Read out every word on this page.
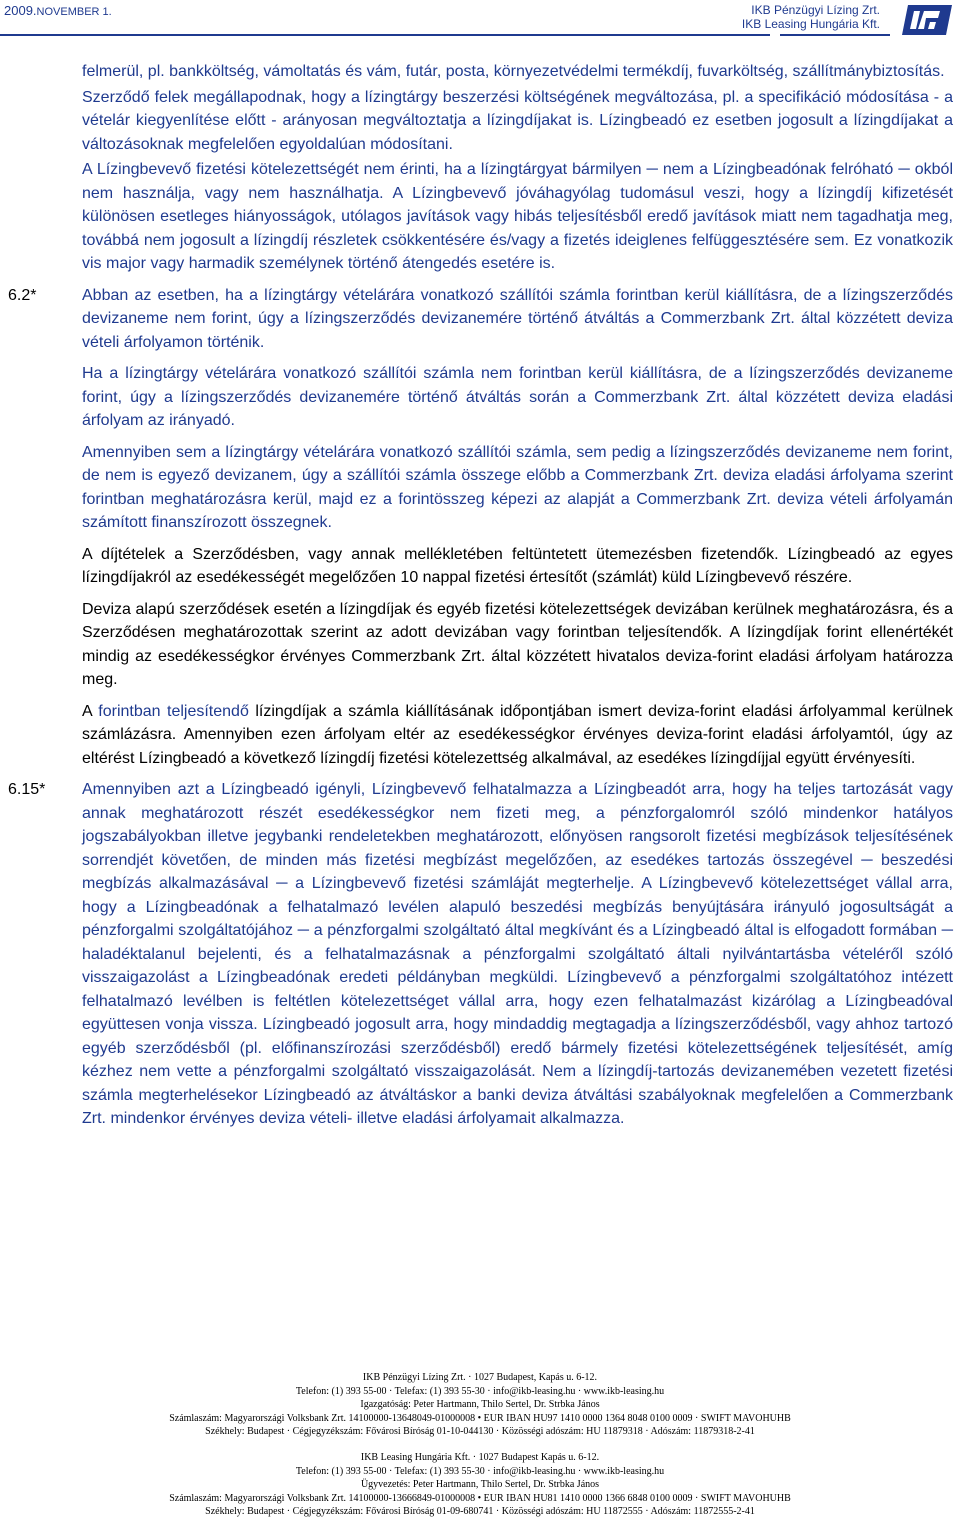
2009.NOVEMBER 1.	IKB Pénzügyi Lízing Zrt.
IKB Leasing Hungária Kft.
felmerül, pl. bankköltség, vámoltatás és vám, futár, posta, környezetvédelmi termékdíj, fuvarköltség, szállítmánybiztosítás.
Szerződő felek megállapodnak, hogy a lízingtárgy beszerzési költségének megváltozása, pl. a specifikáció módosítása - a vételár kiegyenlítése előtt - arányosan megváltoztatja a lízingdíjakat is. Lízingbeadó ez esetben jogosult a lízingdíjakat a változásoknak megfelelően egyoldalúan módosítani.
A Lízingbevevő fizetési kötelezettségét nem érinti, ha a lízingtárgyat bármilyen ─ nem a Lízingbeadónak felróható ─ okból nem használja, vagy nem használhatja. A Lízingbevevő jóváhagyólag tudomásul veszi, hogy a lízingdíj kifizetését különösen esetleges hiányosságok, utólagos javítások vagy hibás teljesítésből eredő javítások miatt nem tagadhatja meg, továbbá nem jogosult a lízingdíj részletek csökkentésére és/vagy a fizetés ideiglenes felfüggesztésére sem. Ez vonatkozik vis major vagy harmadik személynek történő átengedés esetére is.
6.2*	Abban az esetben, ha a lízingtárgy vételárára vonatkozó szállítói számla forintban kerül kiállításra, de a lízingszerződés devizaneme nem forint, úgy a lízingszerződés devizanemére történő átváltás a Commerzbank Zrt. által közzétett deviza vételi árfolyamon történik.
Ha a lízingtárgy vételárára vonatkozó szállítói számla nem forintban kerül kiállításra, de a lízingszerződés devizaneme forint, úgy a lízingszerződés devizanemére történő átváltás során a Commerzbank Zrt. által közzétett deviza eladási árfolyam az irányadó.
Amennyiben sem a lízingtárgy vételárára vonatkozó szállítói számla, sem pedig a lízingszerződés devizaneme nem forint, de nem is egyező devizanem, úgy a szállítói számla összege előbb a Commerzbank Zrt. deviza eladási árfolyama szerint forintban meghatározásra kerül, majd ez a forintösszeg képezi az alapját a Commerzbank Zrt. deviza vételi árfolyamán számított finanszírozott összegnek.
A díjtételek a Szerződésben, vagy annak mellékletében feltüntetett ütemezésben fizetendők. Lízingbeadó az egyes lízingdíjakról az esedékességét megelőzően 10 nappal fizetési értesítőt (számlát) küld Lízingbevevő részére.
Deviza alapú szerződések esetén a lízingdíjak és egyéb fizetési kötelezettségek devizában kerülnek meghatározásra, és a Szerződésen meghatározottak szerint az adott devizában vagy forintban teljesítendők. A lízingdíjak forint ellenértékét mindig az esedékességkor érvényes Commerzbank Zrt. által közzétett hivatalos deviza-forint eladási árfolyam határozza meg.
A forintban teljesítendő lízingdíjak a számla kiállításának időpontjában ismert deviza-forint eladási árfolyammal kerülnek számlázásra. Amennyiben ezen árfolyam eltér az esedékességkor érvényes deviza-forint eladási árfolyamtól, úgy az eltérést Lízingbeadó a következő lízingdíj fizetési kötelezettség alkalmával, az esedékes lízingdíjjal együtt érvényesíti.
6.15* Amennyiben azt a Lízingbeadó igényli, Lízingbevevő felhatalmazza a Lízingbeadót arra, hogy ha teljes tartozását vagy annak meghatározott részét esedékességkor nem fizeti meg, a pénzforgalomról szóló mindenkor hatályos jogszabályokban illetve jegybanki rendeletekben meghatározott, előnyösen rangsorolt fizetési megbízások teljesítésének sorrendjét követően, de minden más fizetési megbízást megelőzően, az esedékes tartozás összegével ─ beszedési megbízás alkalmazásával ─ a Lízingbevevő fizetési számláját megterhelje. A Lízingbevevő kötelezettséget vállal arra, hogy a Lízingbeadónak a felhatalmazó levélen alapuló beszedési megbízás benyújtására irányuló jogosultságát a pénzforgalmi szolgáltatójához ─ a pénzforgalmi szolgáltató által megkívánt és a Lízingbeadó által is elfogadott formában ─ haladéktalanul bejelenti, és a felhatalmazásnak a pénzforgalmi szolgáltató általi nyilvántartásba vételéről szóló visszaigazolást a Lízingbeadónak eredeti példányban megküldi. Lízingbevevő a pénzforgalmi szolgáltatóhoz intézett felhatalmazó levélben is feltétlen kötelezettséget vállal arra, hogy ezen felhatalmazást kizárólag a Lízingbeadóval együttesen vonja vissza. Lízingbeadó jogosult arra, hogy mindaddig megtagadja a lízingszerződésből, vagy ahhoz tartozó egyéb szerződésből (pl. előfinanszírozási szerződésből) eredő bármely fizetési kötelezettségének teljesítését, amíg kézhez nem vette a pénzforgalmi szolgáltató visszaigazolását. Nem a lízingdíj-tartozás devizanemében vezetett fizetési számla megterhelésekor Lízingbeadó az átváltáskor a banki deviza átváltási szabályoknak megfelelően a Commerzbank Zrt. mindenkor érvényes deviza vételi- illetve eladási árfolyamait alkalmazza.
IKB Pénzügyi Lízing Zrt. · 1027 Budapest, Kapás u. 6-12.
Telefon: (1) 393 55-00 · Telefax: (1) 393 55-30 · info@ikb-leasing.hu · www.ikb-leasing.hu
Igazgatóság: Peter Hartmann, Thilo Sertel, Dr. Strbka János
Számlaszám: Magyarországi Volksbank Zrt. 14100000-13648049-01000008 • EUR IBAN HU97 1410 0000 1364 8048 0100 0009 · SWIFT MAVOHUHB
Székhely: Budapest · Cégjegyzékszám: Fővárosi Bíróság 01-10-044130 · Közösségi adószám: HU 11879318 · Adószám: 11879318-2-41
IKB Leasing Hungária Kft. · 1027 Budapest Kapás u. 6-12.
Telefon: (1) 393 55-00 · Telefax: (1) 393 55-30 · info@ikb-leasing.hu · www.ikb-leasing.hu
Ügyvezetés: Peter Hartmann, Thilo Sertel, Dr. Strbka János
Számlaszám: Magyarországi Volksbank Zrt. 14100000-13666849-01000008 • EUR IBAN HU81 1410 0000 1366 6848 0100 0009 · SWIFT MAVOHUHB
Székhely: Budapest · Cégjegyzékszám: Fővárosi Bíróság 01-09-680741 · Közösségi adószám: HU 11872555 · Adószám: 11872555-2-41
